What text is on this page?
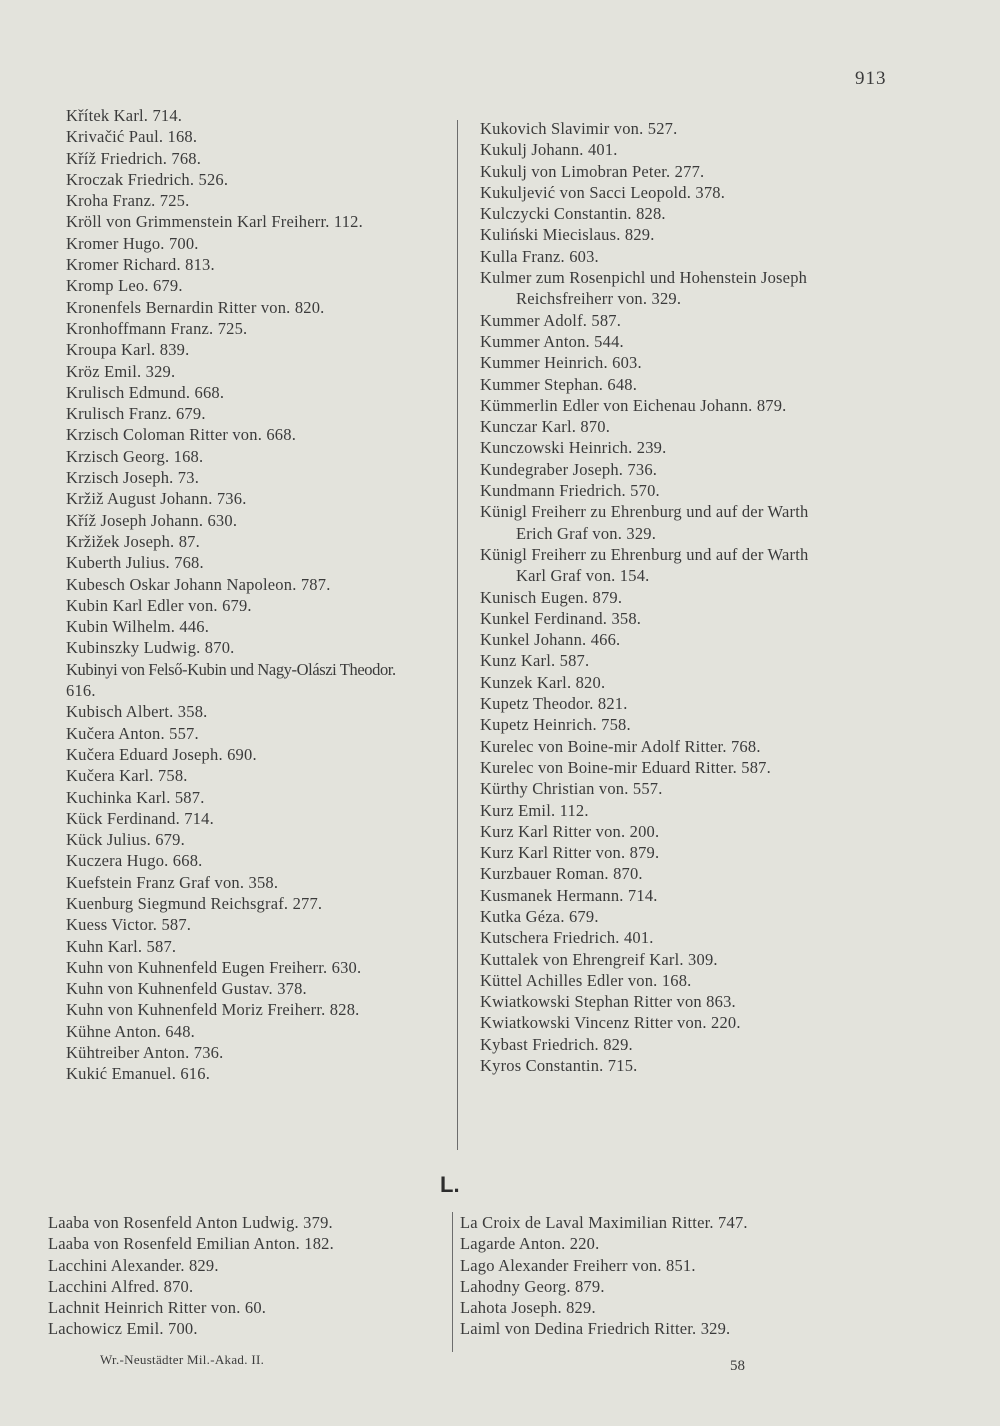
913
Křítek Karl. 714.
Krivačić Paul. 168.
Kříž Friedrich. 768.
Kroczak Friedrich. 526.
Kroha Franz. 725.
Kröll von Grimmenstein Karl Freiherr. 112.
Kromer Hugo. 700.
Kromer Richard. 813.
Kromp Leo. 679.
Kronenfels Bernardin Ritter von. 820.
Kronhoffmann Franz. 725.
Kroupa Karl. 839.
Kröz Emil. 329.
Krulisch Edmund. 668.
Krulisch Franz. 679.
Krzisch Coloman Ritter von. 668.
Krzisch Georg. 168.
Krzisch Joseph. 73.
Kržiž August Johann. 736.
Kříž Joseph Johann. 630.
Kržižek Joseph. 87.
Kuberth Julius. 768.
Kubesch Oskar Johann Napoleon. 787.
Kubin Karl Edler von. 679.
Kubin Wilhelm. 446.
Kubinszky Ludwig. 870.
Kubinyi von Felső-Kubin und Nagy-Olászi Theodor.
616.
Kubisch Albert. 358.
Kučera Anton. 557.
Kučera Eduard Joseph. 690.
Kučera Karl. 758.
Kuchinka Karl. 587.
Kück Ferdinand. 714.
Kück Julius. 679.
Kuczera Hugo. 668.
Kuefstein Franz Graf von. 358.
Kuenburg Siegmund Reichsgraf. 277.
Kuess Victor. 587.
Kuhn Karl. 587.
Kuhn von Kuhnenfeld Eugen Freiherr. 630.
Kuhn von Kuhnenfeld Gustav. 378.
Kuhn von Kuhnenfeld Moriz Freiherr. 828.
Kühne Anton. 648.
Kühtreiber Anton. 736.
Kukić Emanuel. 616.
Kukovich Slavimir von. 527.
Kukulj Johann. 401.
Kukulj von Limobran Peter. 277.
Kukuljević von Sacci Leopold. 378.
Kulczycki Constantin. 828.
Kuliński Miecislaus. 829.
Kulla Franz. 603.
Kulmer zum Rosenpichl und Hohenstein Joseph
Reichsfreiherr von. 329.
Kummer Adolf. 587.
Kummer Anton. 544.
Kummer Heinrich. 603.
Kummer Stephan. 648.
Kümmerlin Edler von Eichenau Johann. 879.
Kunczar Karl. 870.
Kunczowski Heinrich. 239.
Kundegraber Joseph. 736.
Kundmann Friedrich. 570.
Künigl Freiherr zu Ehrenburg und auf der Warth
Erich Graf von. 329.
Künigl Freiherr zu Ehrenburg und auf der Warth
Karl Graf von. 154.
Kunisch Eugen. 879.
Kunkel Ferdinand. 358.
Kunkel Johann. 466.
Kunz Karl. 587.
Kunzek Karl. 820.
Kupetz Theodor. 821.
Kupetz Heinrich. 758.
Kurelec von Boine-mir Adolf Ritter. 768.
Kurelec von Boine-mir Eduard Ritter. 587.
Kürthy Christian von. 557.
Kurz Emil. 112.
Kurz Karl Ritter von. 200.
Kurz Karl Ritter von. 879.
Kurzbauer Roman. 870.
Kusmanek Hermann. 714.
Kutka Géza. 679.
Kutschera Friedrich. 401.
Kuttalek von Ehrengreif Karl. 309.
Küttel Achilles Edler von. 168.
Kwiatkowski Stephan Ritter von 863.
Kwiatkowski Vincenz Ritter von. 220.
Kybast Friedrich. 829.
Kyros Constantin. 715.
L.
Laaba von Rosenfeld Anton Ludwig. 379.
Laaba von Rosenfeld Emilian Anton. 182.
Lacchini Alexander. 829.
Lacchini Alfred. 870.
Lachnit Heinrich Ritter von. 60.
Lachowicz Emil. 700.
La Croix de Laval Maximilian Ritter. 747.
Lagarde Anton. 220.
Lago Alexander Freiherr von. 851.
Lahodny Georg. 879.
Lahota Joseph. 829.
Laiml von Dedina Friedrich Ritter. 329.
Wr.-Neustädter Mil.-Akad. II.	58
